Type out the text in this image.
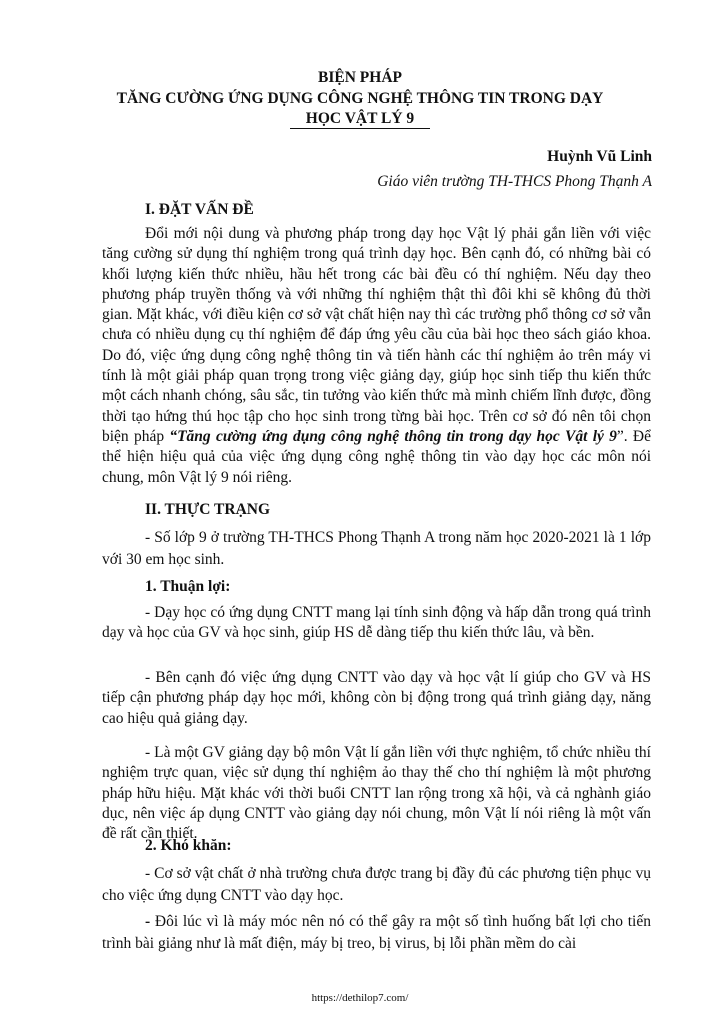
BIỆN PHÁP
TĂNG CƯỜNG ỨNG DỤNG CÔNG NGHỆ THÔNG TIN TRONG DẠY
HỌC VẬT LÝ 9
Huỳnh Vũ Linh
Giáo viên trường TH-THCS Phong Thạnh A
I. ĐẶT VẤN ĐỀ

Đổi mới nội dung và phương pháp trong dạy học Vật lý phải gắn liền với việc tăng cường sử dụng thí nghiệm trong quá trình dạy học. Bên cạnh đó, có những bài có khối lượng kiến thức nhiều, hầu hết trong các bài đều có thí nghiệm. Nếu dạy theo phương pháp truyền thống và với những thí nghiệm thật thì đôi khi sẽ không đủ thời gian. Mặt khác, với điều kiện cơ sở vật chất hiện nay thì các trường phổ thông cơ sở vẫn chưa có nhiều dụng cụ thí nghiệm để đáp ứng yêu cầu của bài học theo sách giáo khoa. Do đó, việc ứng dụng công nghệ thông tin và tiến hành các thí nghiệm ảo trên máy vi tính là một giải pháp quan trọng trong việc giảng dạy, giúp học sinh tiếp thu kiến thức một cách nhanh chóng, sâu sắc, tin tưởng vào kiến thức mà mình chiếm lĩnh được, đồng thời tạo hứng thú học tập cho học sinh trong từng bài học. Trên cơ sở đó nên tôi chọn biện pháp “Tăng cường ứng dụng công nghệ thông tin trong dạy học Vật lý 9”. Để thể hiện hiệu quả của việc ứng dụng công nghệ thông tin vào dạy học các môn nói chung, môn Vật lý 9 nói riêng.

II. THỰC TRẠNG

- Số lớp 9 ở trường TH-THCS Phong Thạnh A trong năm học 2020-2021 là 1 lớp với 30 em học sinh.

1. Thuận lợi:

- Dạy học có ứng dụng CNTT mang lại tính sinh động và hấp dẫn trong quá trình dạy và học của GV và học sinh, giúp HS dễ dàng tiếp thu kiến thức lâu, và bền.

- Bên cạnh đó việc ứng dụng CNTT vào dạy và học vật lí giúp cho GV và HS tiếp cận phương pháp dạy học mới, không còn bị động trong quá trình giảng dạy, năng cao hiệu quả giảng dạy.

- Là một GV giảng dạy bộ môn Vật lí gắn liền với thực nghiệm, tổ chức nhiều thí nghiệm trực quan, việc sử dụng thí nghiệm ảo thay thế cho thí nghiệm là một phương pháp hữu hiệu. Mặt khác với thời buổi CNTT lan rộng trong xã hội, và cả nghành giáo dục, nên việc áp dụng CNTT vào giảng dạy nói chung, môn Vật lí nói riêng là một vấn đề rất cần thiết.

2. Khó khăn:

- Cơ sở vật chất ở nhà trường chưa được trang bị đầy đủ các phương tiện phục vụ cho việc ứng dụng CNTT vào dạy học.

- Đôi lúc vì là máy móc nên nó có thể gây ra một số tình huống bất lợi cho tiến trình bài giảng như là mất điện, máy bị treo, bị virus, bị lỗi phần mềm do cài

https://dethilop7.com/
